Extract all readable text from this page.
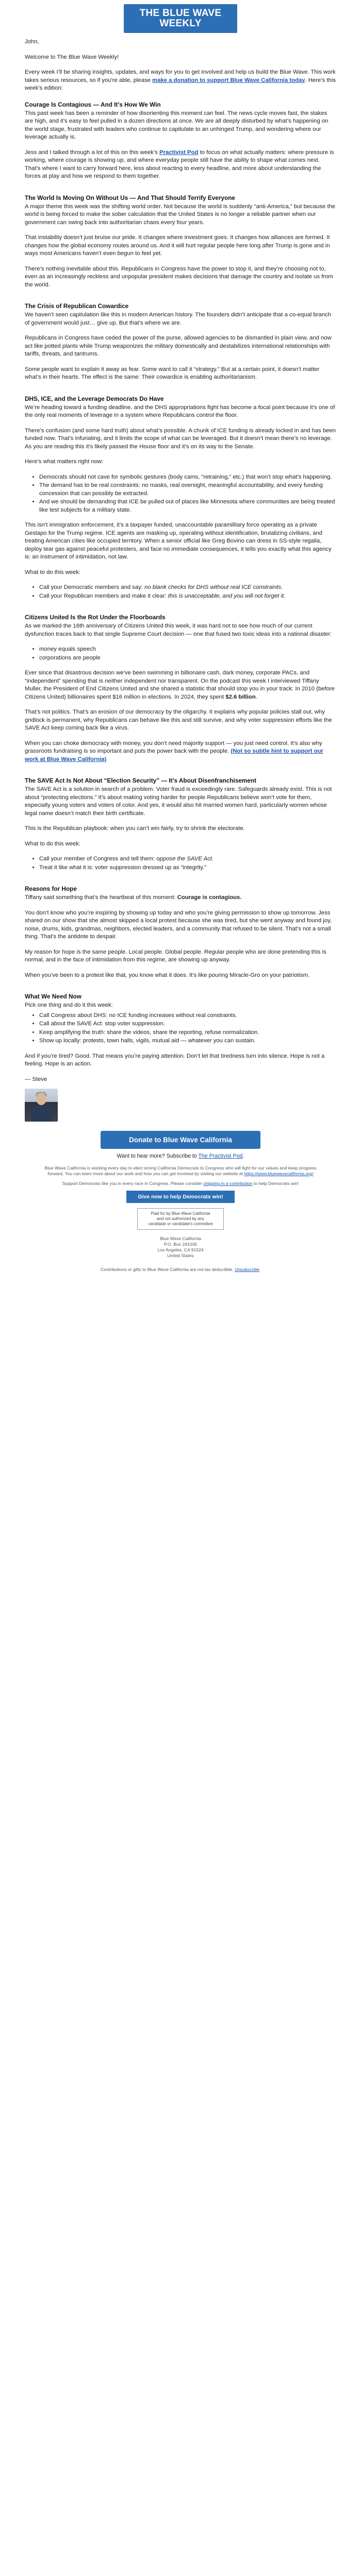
THE BLUE WAVE
WEEKLY

John,

Welcome to The Blue Wave Weekly!

Every week I’ll be sharing insights, updates, and ways for you to get involved and help us build the Blue Wave. This work takes serious resources, so if you're able, please make a donation to support Blue Wave California today. Here’s this week’s edition:

Courage Is Contagious — And It’s How We Win

This past week has been a reminder of how disorienting this moment can feel. The news cycle moves fast, the stakes are high, and it’s easy to feel pulled in a dozen directions at once. We are all deeply disturbed by what’s happening on the world stage, frustrated with leaders who continue to capitulate to an unhinged Trump, and wondering where our leverage actually is.

Jess and I talked through a lot of this on this week’s Practivist Pod to focus on what actually matters: where pressure is working, where courage is showing up, and where everyday people still have the ability to shape what comes next. That’s where I want to carry forward here, less about reacting to every headline, and more about understanding the forces at play and how we respond to them together.

The World Is Moving On Without Us — And That Should Terrify Everyone

A major theme this week was the shifting world order. Not because the world is suddenly “anti-America,” but because the world is being forced to make the sober calculation that the United States is no longer a reliable partner when our government can swing back into authoritarian chaos every four years.

That instability doesn’t just bruise our pride. It changes where investment goes. It changes how alliances are formed. It changes how the global economy routes around us. And it will hurt regular people here long after Trump is gone and in ways most Americans haven’t even begun to feel yet.

There’s nothing inevitable about this. Republicans in Congress have the power to stop it, and they’re choosing not to, even as an increasingly reckless and unpopular president makes decisions that damage the country and isolate us from the world.

The Crisis of Republican Cowardice

We haven’t seen capitulation like this in modern American history. The founders didn’t anticipate that a co-equal branch of government would just… give up. But that’s where we are.

Republicans in Congress have ceded the power of the purse, allowed agencies to be dismantled in plain view, and now act like potted plants while Trump weaponizes the military domestically and destabilizes international relationships with tariffs, threats, and tantrums.

Some people want to explain it away as fear. Some want to call it “strategy.” But at a certain point, it doesn’t matter what’s in their hearts. The effect is the same: Their cowardice is enabling authoritarianism.

DHS, ICE, and the Leverage Democrats Do Have

We’re heading toward a funding deadline, and the DHS appropriations fight has become a focal point because it’s one of the only real moments of leverage in a system where Republicans control the floor.

There’s confusion (and some hard truth) about what’s possible. A chunk of ICE funding is already locked in and has been funded now. That’s infuriating, and it limits the scope of what can be leveraged. But it doesn’t mean there’s no leverage. As you are reading this it’s likely passed the House floor and it’s on its way to the Senate.

Here’s what matters right now:

• Democrats should not cave for symbolic gestures (body cams, “retraining,” etc.) that won’t stop what’s happening.
• The demand has to be real constraints: no masks, real oversight, meaningful accountability, and every funding concession that can possibly be extracted.
• And we should be demanding that ICE be pulled out of places like Minnesota where communities are being treated like test subjects for a military state.

This isn’t immigration enforcement, it’s a taxpayer funded, unaccountable paramilitary force operating as a private Gestapo for the Trump regime. ICE agents are masking up, operating without identification, brutalizing civilians, and treating American cities like occupied territory. When a senior official like Greg Bovino can dress in SS-style regalia, deploy tear gas against peaceful protesters, and face no immediate consequences, it tells you exactly what this agency is: an instrument of intimidation, not law.

What to do this week:

• Call your Democratic members and say: no blank checks for DHS without real ICE constraints.
• Call your Republican members and make it clear: this is unacceptable, and you will not forget it.
Citizens United Is the Rot Under the Floorboards

As we marked the 16th anniversary of Citizens United this week, it was hard not to see how much of our current dysfunction traces back to that single Supreme Court decision — one that fused two toxic ideas into a national disaster:

• money equals speech
• corporations are people

Ever since that disastrous decision we’ve been swimming in billionaire cash, dark money, corporate PACs, and “independent” spending that is neither independent nor transparent. On the podcast this week I interviewed Tiffany Muller, the President of End Citizens United and she shared a statistic that should stop you in your track: In 2010 (before Citizens United) billionaires spent $16 million in elections. In 2024, they spent $2.6 billion.

That’s not politics. That’s an erosion of our democracy by the oligarchy. It explains why popular policies stall out, why gridlock is permanent, why Republicans can behave like this and still survive, and why voter suppression efforts like the SAVE Act keep coming back like a virus.

When you can choke democracy with money, you don’t need majority support — you just need control. It’s also why grassroots fundraising is so important and puts the power back with the people. (Not so subtle hint to support our work at Blue Wave California)

The SAVE Act Is Not About “Election Security” — It’s About Disenfranchisement

The SAVE Act is a solution in search of a problem. Voter fraud is exceedingly rare. Safeguards already exist. This is not about “protecting elections.” It’s about making voting harder for people Republicans believe won’t vote for them, especially young voters and voters of color. And yes, it would also hit married women hard, particularly women whose legal name doesn’t match their birth certificate.

This is the Republican playbook: when you can’t win fairly, try to shrink the electorate.

What to do this week:

• Call your member of Congress and tell them: oppose the SAVE Act.
• Treat it like what it is: voter suppression dressed up as “integrity.”
Reasons for Hope

Tiffany said something that’s the heartbeat of this moment: Courage is contagious.

You don’t know who you’re inspiring by showing up today and who you’re giving permission to show up tomorrow. Jess shared on our show that she almost skipped a local protest because she was tired, but she went anyway and found joy, noise, drums, kids, grandmas, neighbors, elected leaders, and a community that refused to be silent. That’s not a small thing. That’s the antidote to despair.

My reason for hope is the same people. Local people. Global people. Regular people who are done pretending this is normal, and in the face of intimidation from this regime, are showing up anyway.

When you’ve been to a protest like that, you know what it does. It’s like pouring Miracle-Gro on your patriotism.

What We Need Now

Pick one thing and do it this week:

• Call Congress about DHS: no ICE funding increases without real constraints.
• Call about the SAVE Act: stop voter suppression.
• Keep amplifying the truth: share the videos, share the reporting, refuse normalization.
• Show up locally: protests, town halls, vigils, mutual aid — whatever you can sustain.

And if you’re tired? Good. That means you’re paying attention. Don’t let that tiredness turn into silence. Hope is not a feeling. Hope is an action.

— Steve

Donate to Blue Wave California
Want to hear more? Subscribe to The Practivist Pod.

Blue Wave California is working every day to elect strong California Democrats to Congress who will fight for our values and keep progress forward. You can learn more about our work and how you can get involved by visiting our website at https://www.bluewavecalifornia.org/

Support Democrats like you in every race in Congress. Please consider chipping in a contribution to help Democrats win!

Give now to help Democrats win!
Paid for by Blue Wave California
and not authorized by any
candidate or candidate's committee
Blue Wave California
P.O. Box 241035
Los Angeles, CA 91524
United States
Contributions or gifts to Blue Wave California are not tax deductible. Unsubscribe.
